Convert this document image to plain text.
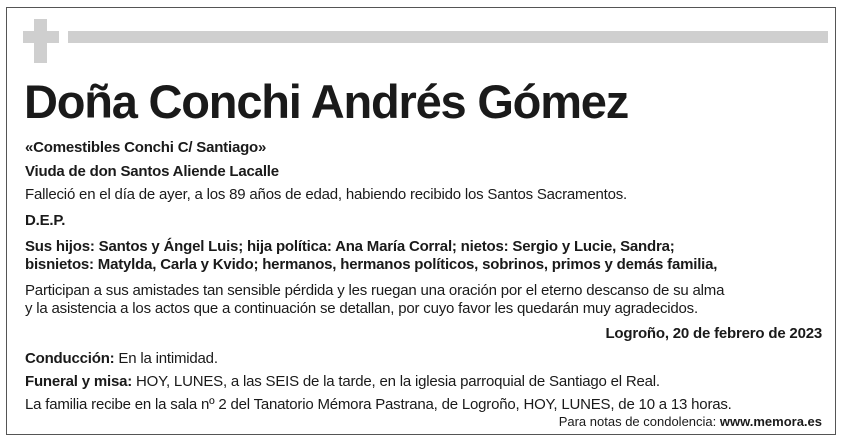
Doña Conchi Andrés Gómez
«Comestibles Conchi C/ Santiago»
Viuda de don Santos Aliende Lacalle
Falleció en el día de ayer, a los 89 años de edad, habiendo recibido los Santos Sacramentos.
D.E.P.
Sus hijos: Santos y Ángel Luis; hija política: Ana María Corral; nietos: Sergio y Lucie, Sandra;
bisnietos: Matylda, Carla y Kvido; hermanos, hermanos políticos, sobrinos, primos y demás familia,
Participan a sus amistades tan sensible pérdida y les ruegan una oración por el eterno descanso de su alma
y la asistencia a los actos que a continuación se detallan, por cuyo favor les quedarán muy agradecidos.
Logroño, 20 de febrero de 2023
Conducción: En la intimidad.
Funeral y misa: HOY, LUNES, a las SEIS de la tarde, en la iglesia parroquial de Santiago el Real.
La familia recibe en la sala nº 2 del Tanatorio Mémora Pastrana, de Logroño, HOY, LUNES, de 10 a 13 horas.
Para notas de condolencia: www.memora.es
